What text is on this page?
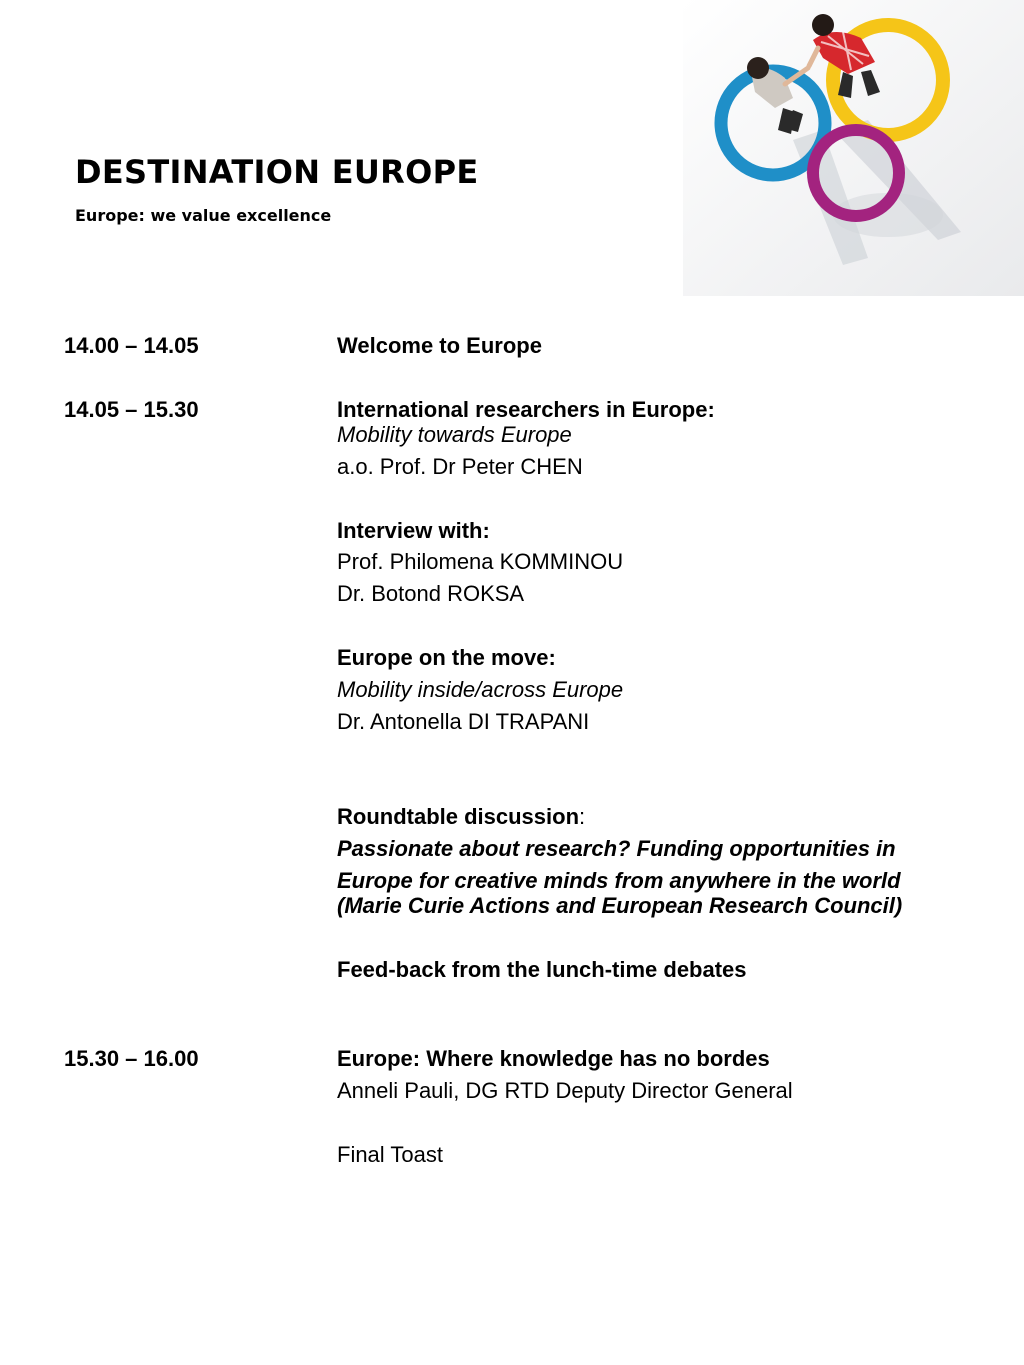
DESTINATION EUROPE

Europe: we value excellence

14.00 – 14.05	Welcome to Europe
14.05 – 15.30	International researchers in Europe:
Mobility towards Europe
a.o. Prof. Dr Peter CHEN
Interview with:
Prof. Philomena KOMMINOU
Dr. Botond ROKSA
Europe on the move:
Mobility inside/across Europe
Dr. Antonella DI TRAPANI
Roundtable discussion:
Passionate about research? Funding opportunities in
Europe for creative minds from anywhere in the world
(Marie Curie Actions and European Research Council)
Feed-back from the lunch-time debates
15.30 – 16.00	Europe: Where knowledge has no bordes
Anneli Pauli, DG RTD Deputy Director General
Final Toast
